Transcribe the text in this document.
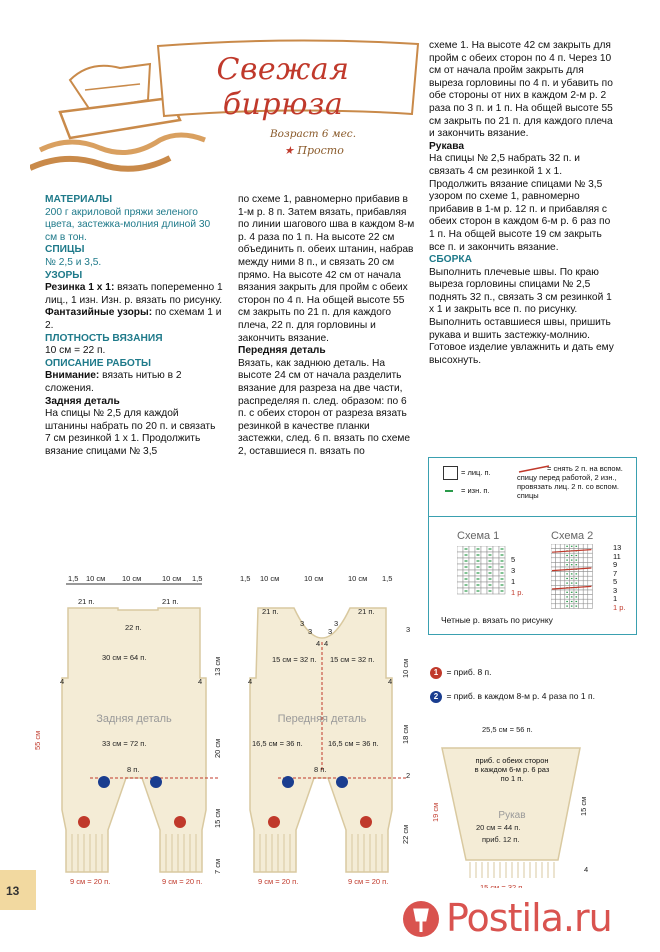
Свежая бирюза
Возраст 6 мес.
★ Просто

МАТЕРИАЛЫ

200 г акриловой пряжи зеленого цвета, застежка-молния длиной 30 см в тон.

СПИЦЫ

№ 2,5 и 3,5.

УЗОРЫ

Резинка 1 х 1: вязать попеременно 1 лиц., 1 изн. Изн. р. вязать по рисунку.

Фантазийные узоры: по схемам 1 и 2.

ПЛОТНОСТЬ ВЯЗАНИЯ

10 см = 22 п.

ОПИСАНИЕ РАБОТЫ

Внимание: вязать нитью в 2 сложения.

Задняя деталь

На спицы № 2,5 для каждой штанины набрать по 20 п. и связать 7 см резинкой 1 х 1. Продолжить вязание спицами № 3,5

по схеме 1, равномерно прибавив в 1-м р. 8 п. Затем вязать, прибавляя по линии шагового шва в каждом 8-м р. 4 раза по 1 п. На высоте 22 см объединить п. обеих штанин, набрав между ними 8 п., и связать 20 см прямо. На высоте 42 см от начала вязания закрыть для пройм с обеих сторон по 4 п. На общей высоте 55 см закрыть по 21 п. для каждого плеча, 22 п. для горловины и закончить вязание.

Передняя деталь

Вязать, как заднюю деталь. На высоте 24 см от начала разделить вязание для разреза на две части, распределяя п. след. образом: по 6 п. с обеих сторон от разреза вязать резинкой в качестве планки застежки, след. 6 п. вязать по схеме 2, оставшиеся п. вязать по

схеме 1. На высоте 42 см закрыть для пройм с обеих сторон по 4 п. Через 10 см от начала пройм закрыть для выреза горловины по 4 п. и убавить по обе стороны от них в каждом 2-м р. 2 раза по 3 п. и 1 п. На общей высоте 55 см закрыть по 21 п. для каждого плеча и закончить вязание.

Рукава

На спицы № 2,5 набрать 32 п. и связать 4 см резинкой 1 х 1. Продолжить вязание спицами № 3,5 узором по схеме 1, равномерно прибавив в 1-м р. 12 п. и прибавляя с обеих сторон в каждом 6-м р. 6 раз по 1 п. На общей высоте 19 см закрыть все п. и закончить вязание.

СБОРКА

Выполнить плечевые швы. По краю выреза горловины спицами № 2,5 поднять 32 п., связать 3 см резинкой 1 х 1 и закрыть все п. по рисунку. Выполнить оставшиеся швы, пришить рукава и вшить застежку-молнию. Готовое изделие увлажнить и дать ему высохнуть.

= лиц. п.
= изн. п.
= снять 2 п. на вспом. спицу перед работой, 2 изн., провязать лиц. 2 п. со вспом. спицы
Схема 1
5
3
1
1 р.
Схема 2
13
11
9
7
5
3
1
1 р.
Четные р. вязать по рисунку
1 = приб. 8 п.
2 = приб. в каждом 8-м р. 4 раза по 1 п.
Задняя деталь
1,5 10 см 10 см	10 см 1,5
21 п.	21 п.
22 п.
30 см = 64 п.
33 см = 72 п.
8 п.
4	4
55 см
13 см
20 см
15 см
7 см
9 см = 20 п.	9 см = 20 п.
Передняя деталь
1,5 10 см	10 см	10 см 1,5
21 п.	21 п.
3
3
3
3
4 4
15 см = 32 п. 15 см = 32 п.
16,5 см = 36 п.	16,5 см = 36 п.
8 п.
4	4
3
10 см
18 см
2
22 см
9 см = 20 п.	9 см = 20 п.
25,5 см = 56 п.
20 см = 44 п.
приб. 12 п.
19 см	15 см
4
приб. с обеих сторон в каждом 6-м р. 6 раз по 1 п.
Рукав
13
Postila.ru
